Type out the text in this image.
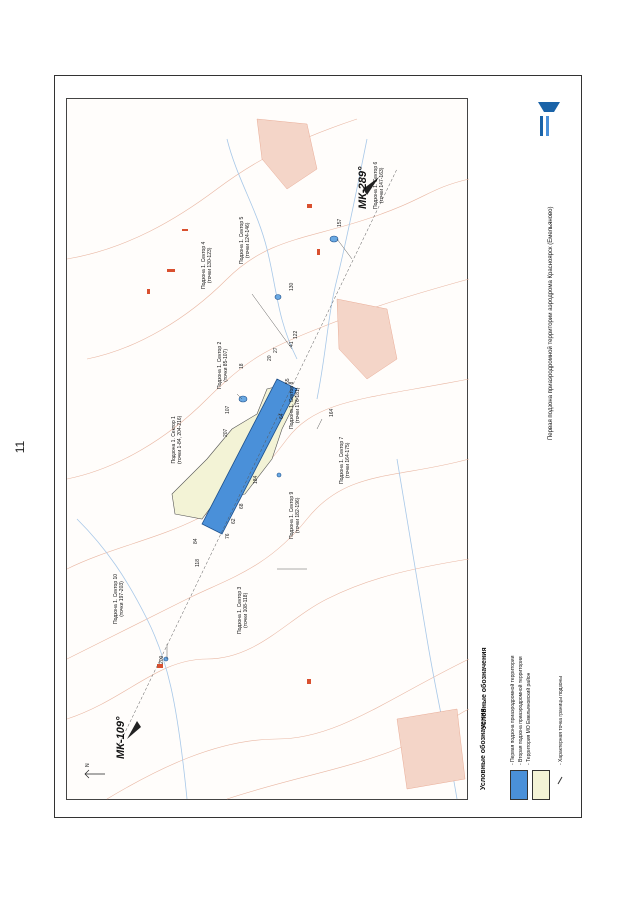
11
МК-109°
МК-289°
N
Подзона 1. Сектор 10 (точки 197-203)	Подзона 1. Сектор 3 (точки 108-118)
Подзона 1. Сектор 1 (точки 1-84, 204-216)
Подзона 1. Сектор 2 (точки 85-107)
Подзона 1. Сектор 4 (точки 130-123)
Подзона 1. Сектор 5 (точки 124-146)
Подзона 1. Сектор 6 (точки 147-163)
Подзона 1. Сектор 7 (точки 164-175)
Подзона 1. Сектор 8 (точки 176-181)
Подзона 1. Сектор 9 (точки 182-196)
200
118
84
76
62
68
184
207
107
18
20
27
55
41
122
130
157
164
64
Условные обозначения
Условные обозначения	- Первая подзона приаэродромной территории - Вторая подзона приаэродромной территории - Территория МО Емельяновский район	- Характерная точка границы подзоны
Первая подзона приаэродромной территории аэродрома Красноярск (Емельяново)
